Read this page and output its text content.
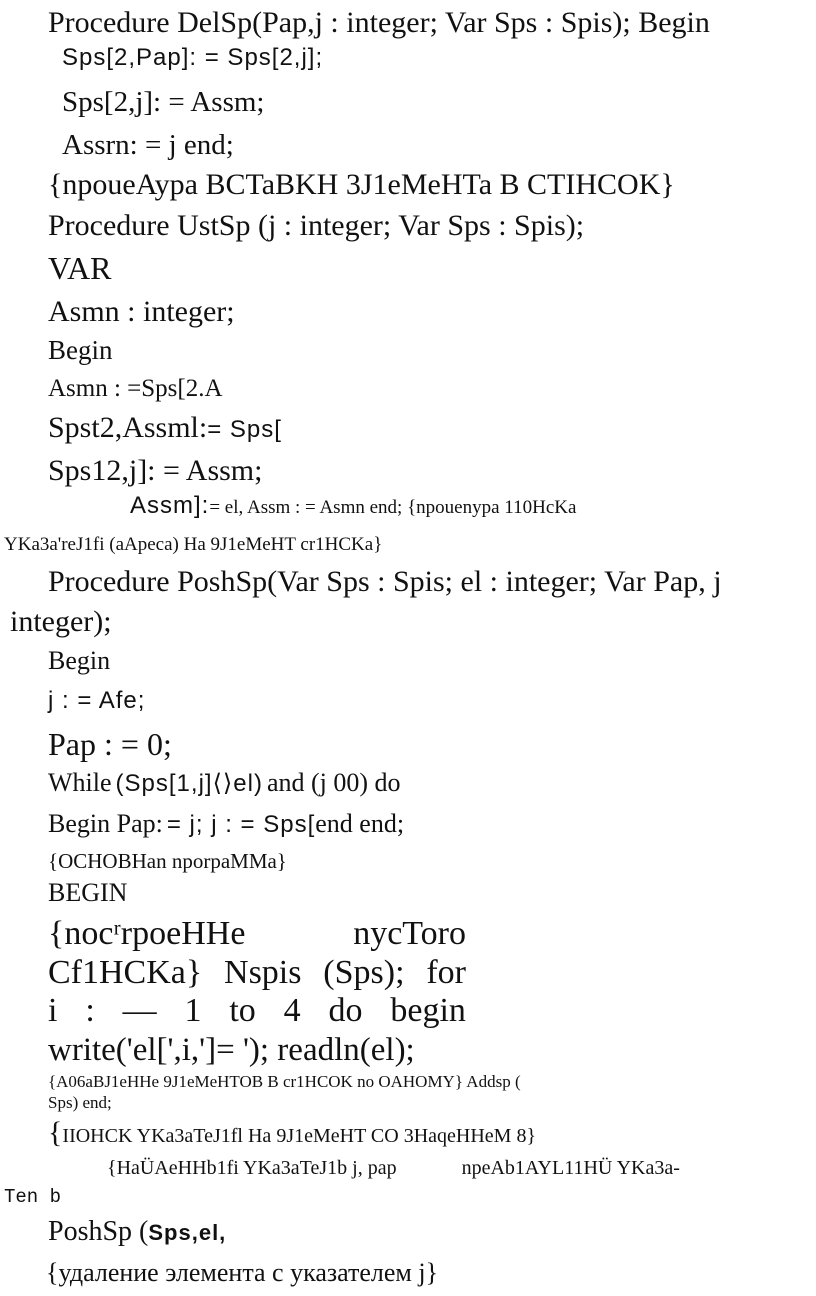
Procedure DelSp(Pap,j : integer; Var Sps : Spis); Begin
Sps[2,Pap]: = Sps[2,j];
Sps[2,j]: = Assm;
Assrn: = j end;
{npoueAypa BCTaBKH 3J1eMeHTa B CTIHCOK}
Procedure UstSp (j : integer; Var Sps : Spis);
VAR
Asmn : integer;
Begin
Asmn : =Sps[2.A
Spst2,Assml:= Sps[
Sps12,j]: = Assm;
Assm]:= el, Assm : = Asmn end; {npouenypa 110HcKa
YKa3a'reJ1fi (aApeca) Ha 9J1eMeHT cr1HCKa}
Procedure PoshSp(Var Sps : Spis; el : integer; Var Pap, j
integer);
Begin
j : = Afe;
Pap : = 0;
While (Sps[1,j]⟨⟩el) and (j 00) do
Begin Pap: = j; j : = Sps[end end;
{OCHOBHan nporpaMMa}
BEGIN
{nocʳrpoeHHe	nycToro
Cf1HCKa} Nspis (Sps); for
i : — 1 to 4 do begin
write('el[',i,']= '); readln(el);
{A06aBJ1eHHe 9J1eMeHTOB B cr1HCOK no OAHOMY} Addsp (
Sps) end;
{IIOHCK YKa3aTeJ1fl Ha 9J1eMeHT CO 3HaqeHHeM 8}
{HaÜAeHHb1fi YKa3aTeJ1b j, pap	npeAb1AYL11HÜ YKa3a-
Ten b
PoshSp (Sps,el,
{удаление элемента с указателем j}
